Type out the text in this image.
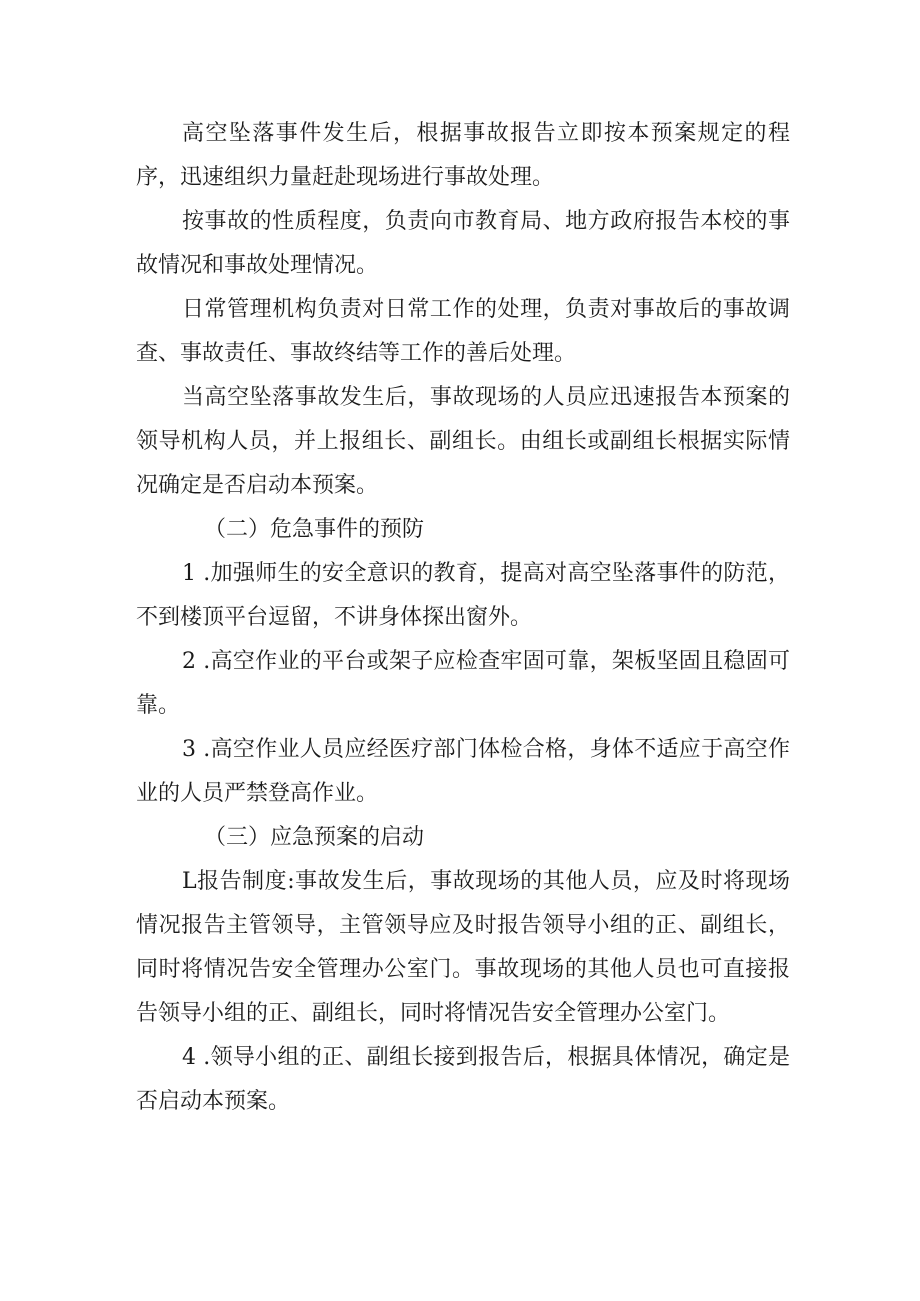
高空坠落事件发生后，根据事故报告立即按本预案规定的程序，迅速组织力量赶赴现场进行事故处理。

按事故的性质程度，负责向市教育局、地方政府报告本校的事故情况和事故处理情况。

日常管理机构负责对日常工作的处理，负责对事故后的事故调查、事故责任、事故终结等工作的善后处理。

当高空坠落事故发生后，事故现场的人员应迅速报告本预案的领导机构人员，并上报组长、副组长。由组长或副组长根据实际情况确定是否启动本预案。

（二）危急事件的预防

1 .加强师生的安全意识的教育，提高对高空坠落事件的防范，不到楼顶平台逗留，不讲身体探出窗外。

2 .高空作业的平台或架子应检查牢固可靠，架板坚固且稳固可靠。

3 .高空作业人员应经医疗部门体检合格，身体不适应于高空作业的人员严禁登高作业。

（三）应急预案的启动

L报告制度:事故发生后，事故现场的其他人员，应及时将现场情况报告主管领导，主管领导应及时报告领导小组的正、副组长，同时将情况告安全管理办公室门。事故现场的其他人员也可直接报告领导小组的正、副组长，同时将情况告安全管理办公室门。

4 .领导小组的正、副组长接到报告后，根据具体情况，确定是否启动本预案。
